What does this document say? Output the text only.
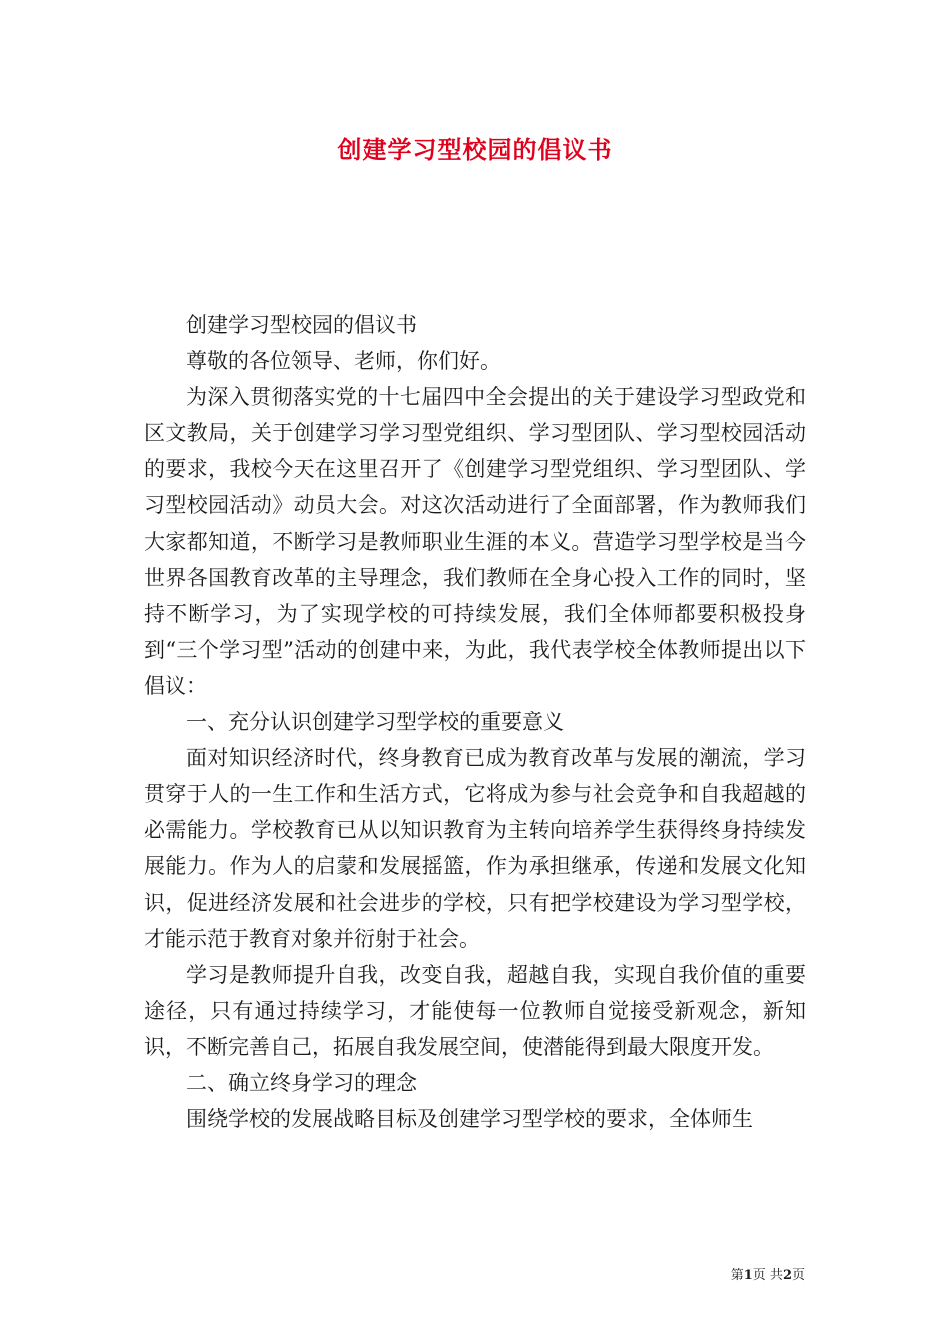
创建学习型校园的倡议书

创建学习型校园的倡议书

尊敬的各位领导、老师，你们好。

为深入贯彻落实党的十七届四中全会提出的关于建设学习型政党和区文教局，关于创建学习学习型党组织、学习型团队、学习型校园活动的要求，我校今天在这里召开了《创建学习型党组织、学习型团队、学习型校园活动》动员大会。对这次活动进行了全面部署，作为教师我们大家都知道，不断学习是教师职业生涯的本义。营造学习型学校是当今世界各国教育改革的主导理念，我们教师在全身心投入工作的同时，坚持不断学习，为了实现学校的可持续发展，我们全体师都要积极投身到“三个学习型”活动的创建中来，为此，我代表学校全体教师提出以下倡议：

一、充分认识创建学习型学校的重要意义

面对知识经济时代，终身教育已成为教育改革与发展的潮流，学习贯穿于人的一生工作和生活方式，它将成为参与社会竞争和自我超越的必需能力。学校教育已从以知识教育为主转向培养学生获得终身持续发展能力。作为人的启蒙和发展摇篮，作为承担继承，传递和发展文化知识，促进经济发展和社会进步的学校，只有把学校建设为学习型学校，才能示范于教育对象并衍射于社会。

学习是教师提升自我，改变自我，超越自我，实现自我价值的重要途径，只有通过持续学习，才能使每一位教师自觉接受新观念，新知识，不断完善自己，拓展自我发展空间，使潜能得到最大限度开发。

二、确立终身学习的理念

围绕学校的发展战略目标及创建学习型学校的要求，全体师生

第1页 共2页
